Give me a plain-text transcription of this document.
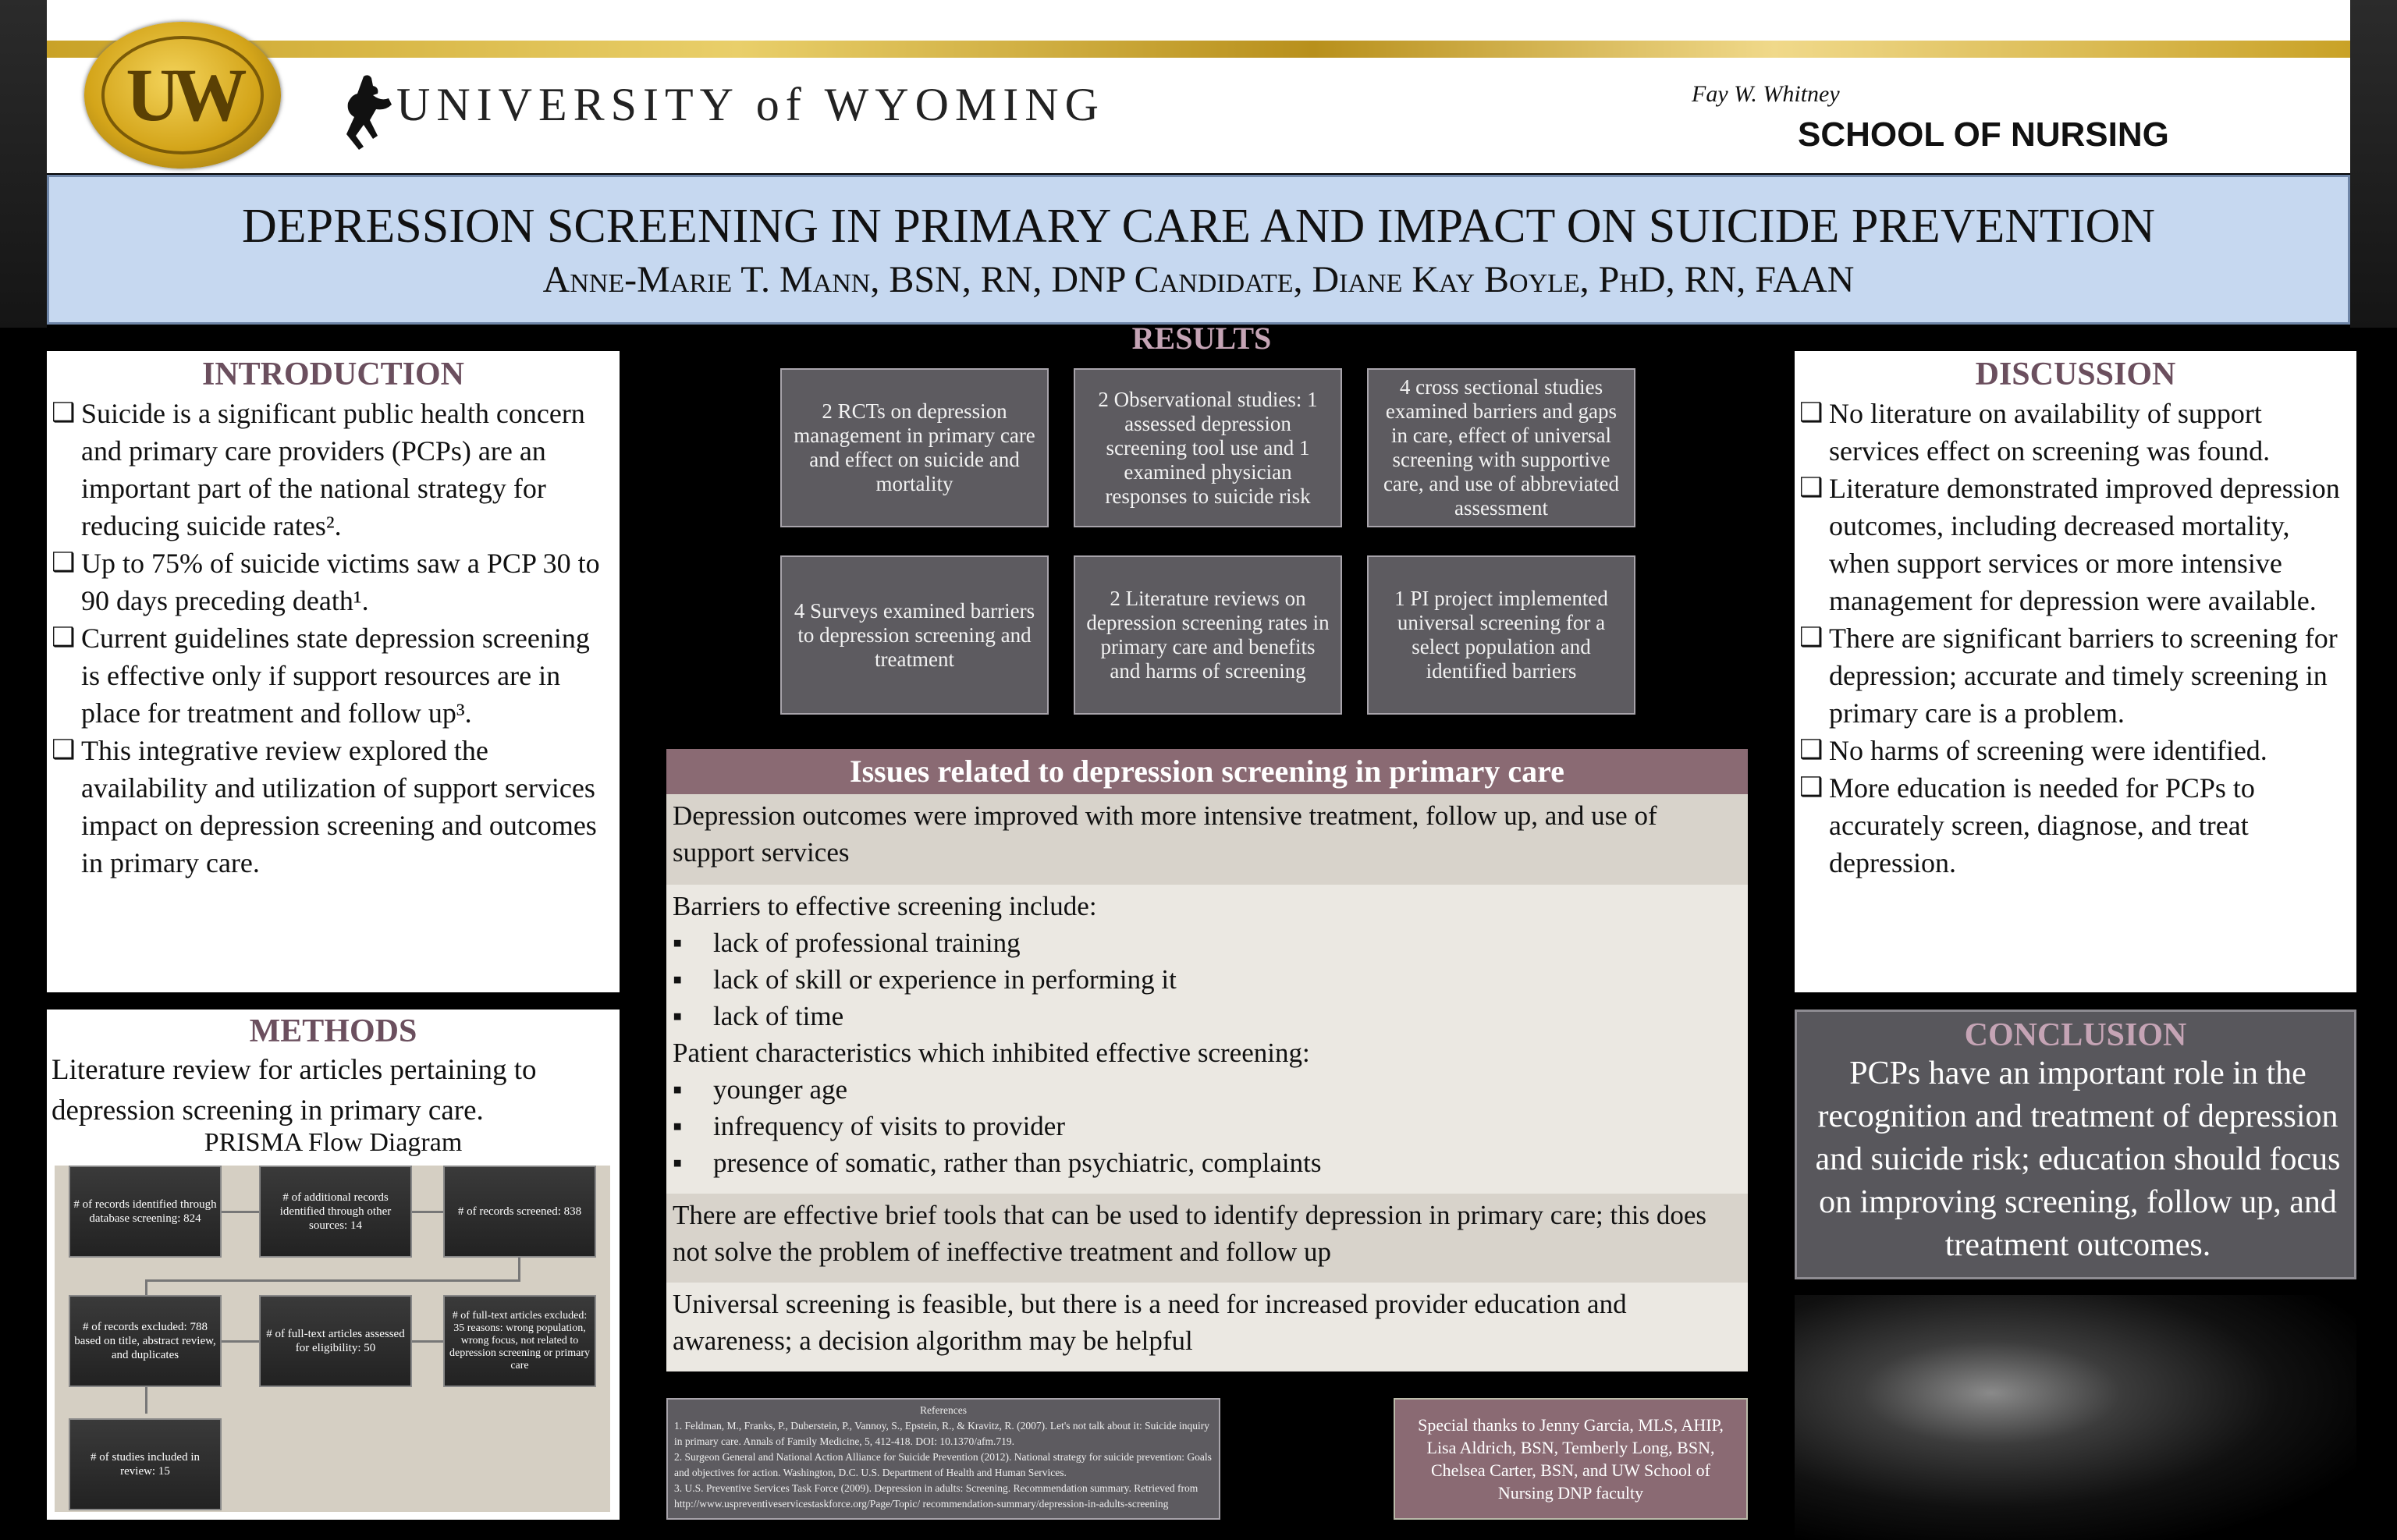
UW	UNIVERSITY of WYOMING	Fay W. Whitney
SCHOOL OF NURSING
DEPRESSION SCREENING IN PRIMARY CARE AND IMPACT ON SUICIDE PREVENTION
Anne-Marie T. Mann, BSN, RN, DNP Candidate, Diane Kay Boyle, PhD, RN, FAAN
INTRODUCTION
❑ Suicide is a significant public health concern and primary care providers (PCPs) are an important part of the national strategy for reducing suicide rates².
❑ Up to 75% of suicide victims saw a PCP 30 to 90 days preceding death¹.
❑ Current guidelines state depression screening is effective only if support resources are in place for treatment and follow up³.
❑ This integrative review explored the availability and utilization of support services impact on depression screening and outcomes in primary care.
METHODS
Literature review for articles pertaining to depression screening in primary care.
PRISMA Flow Diagram
# of records identified through database screening: 824
# of additional records identified through other sources: 14
# of records screened: 838
# of records excluded: 788 based on title, abstract review, and duplicates
# of full-text articles assessed for eligibility: 50
# of full-text articles excluded: 35 reasons: wrong population, wrong focus, not related to depression screening or primary care
# of studies included in review: 15
RESULTS
2 RCTs on depression management in primary care and effect on suicide and mortality
2 Observational studies: 1 assessed depression screening tool use and 1 examined physician responses to suicide risk
4 cross sectional studies examined barriers and gaps in care, effect of universal screening with supportive care, and use of abbreviated assessment
4 Surveys examined barriers to depression screening and treatment
2 Literature reviews on depression screening rates in primary care and benefits and harms of screening
1 PI project implemented universal screening for a select population and identified barriers
Issues related to depression screening in primary care
Depression outcomes were improved with more intensive treatment, follow up, and use of support services
Barriers to effective screening include:
▪ lack of professional training
▪ lack of skill or experience in performing it
▪ lack of time
Patient characteristics which inhibited effective screening:
▪ younger age
▪ infrequency of visits to provider
▪ presence of somatic, rather than psychiatric, complaints
There are effective brief tools that can be used to identify depression in primary care; this does not solve the problem of ineffective treatment and follow up
Universal screening is feasible, but there is a need for increased provider education and awareness; a decision algorithm may be helpful
References
1. Feldman, M., Franks, P., Duberstein, P., Vannoy, S., Epstein, R., & Kravitz, R. (2007). Let's not talk about it: Suicide inquiry in primary care. Annals of Family Medicine, 5, 412-418. DOI: 10.1370/afm.719.
2. Surgeon General and National Action Alliance for Suicide Prevention (2012). National strategy for suicide prevention: Goals and objectives for action. Washington, D.C. U.S. Department of Health and Human Services.
3. U.S. Preventive Services Task Force (2009). Depression in adults: Screening. Recommendation summary. Retrieved from http://www.uspreventiveservicestaskforce.org/Page/Topic/ recommendation-summary/depression-in-adults-screening
Special thanks to Jenny Garcia, MLS, AHIP, Lisa Aldrich, BSN, Temberly Long, BSN, Chelsea Carter, BSN, and UW School of Nursing DNP faculty
DISCUSSION
❑ No literature on availability of support services effect on screening was found.
❑ Literature demonstrated improved depression outcomes, including decreased mortality, when support services or more intensive management for depression were available.
❑ There are significant barriers to screening for depression; accurate and timely screening in primary care is a problem.
❑ No harms of screening were identified.
❑ More education is needed for PCPs to accurately screen, diagnose, and treat depression.
CONCLUSION
PCPs have an important role in the recognition and treatment of depression and suicide risk; education should focus on improving screening, follow up, and treatment outcomes.
